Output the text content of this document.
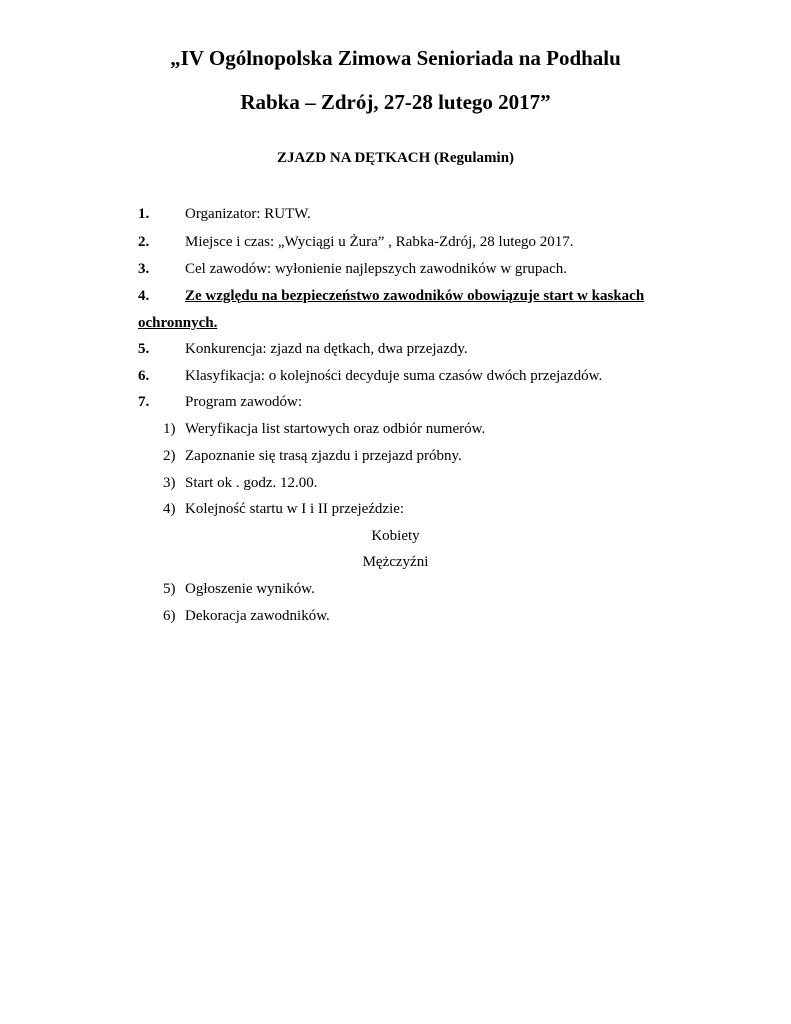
„IV Ogólnopolska Zimowa Senioriada na Podhalu
Rabka – Zdrój, 27-28 lutego 2017”
ZJAZD NA DĘTKACH (Regulamin)
1. Organizator: RUTW.
2. Miejsce i czas: „Wyciągi u Żura” , Rabka-Zdrój, 28 lutego 2017.
3. Cel zawodów: wyłonienie najlepszych zawodników w grupach.
4. Ze względu na bezpieczeństwo zawodników obowiązuje start w kaskach
ochronnych.
5. Konkurencja: zjazd na dętkach, dwa przejazdy.
6. Klasyfikacja: o kolejności decyduje suma czasów dwóch przejazdów.
7. Program zawodów:
1) Weryfikacja list startowych oraz odbiór numerów.
2) Zapoznanie się trasą zjazdu i przejazd próbny.
3) Start ok . godz. 12.00.
4) Kolejność startu w I i II przejeździe:
Kobiety
Mężczyźni
5) Ogłoszenie wyników.
6) Dekoracja zawodników.
